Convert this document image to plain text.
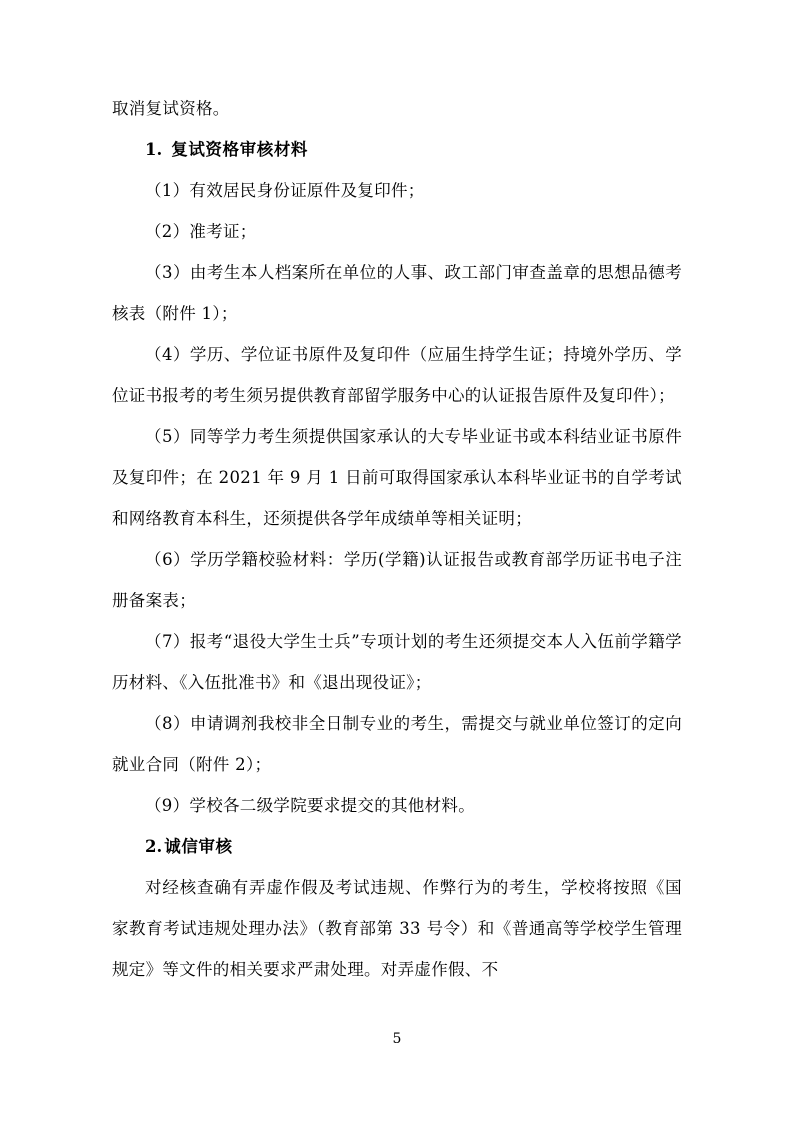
取消复试资格。

1. 复试资格审核材料

（1）有效居民身份证原件及复印件；

（2）准考证；

（3）由考生本人档案所在单位的人事、政工部门审查盖章的思想品德考核表（附件 1）；

（4）学历、学位证书原件及复印件（应届生持学生证；持境外学历、学位证书报考的考生须另提供教育部留学服务中心的认证报告原件及复印件）；

（5）同等学力考生须提供国家承认的大专毕业证书或本科结业证书原件及复印件；在 2021 年 9 月 1 日前可取得国家承认本科毕业证书的自学考试和网络教育本科生，还须提供各学年成绩单等相关证明；

（6）学历学籍校验材料：学历(学籍)认证报告或教育部学历证书电子注册备案表；

（7）报考“退役大学生士兵”专项计划的考生还须提交本人入伍前学籍学历材料、《入伍批准书》和《退出现役证》；

（8）申请调剂我校非全日制专业的考生，需提交与就业单位签订的定向就业合同（附件 2）；

（9）学校各二级学院要求提交的其他材料。

2. 诚信审核

对经核查确有弄虚作假及考试违规、作弊行为的考生，学校将按照《国家教育考试违规处理办法》（教育部第 33 号令）和《普通高等学校学生管理规定》等文件的相关要求严肃处理。对弄虚作假、不

5
